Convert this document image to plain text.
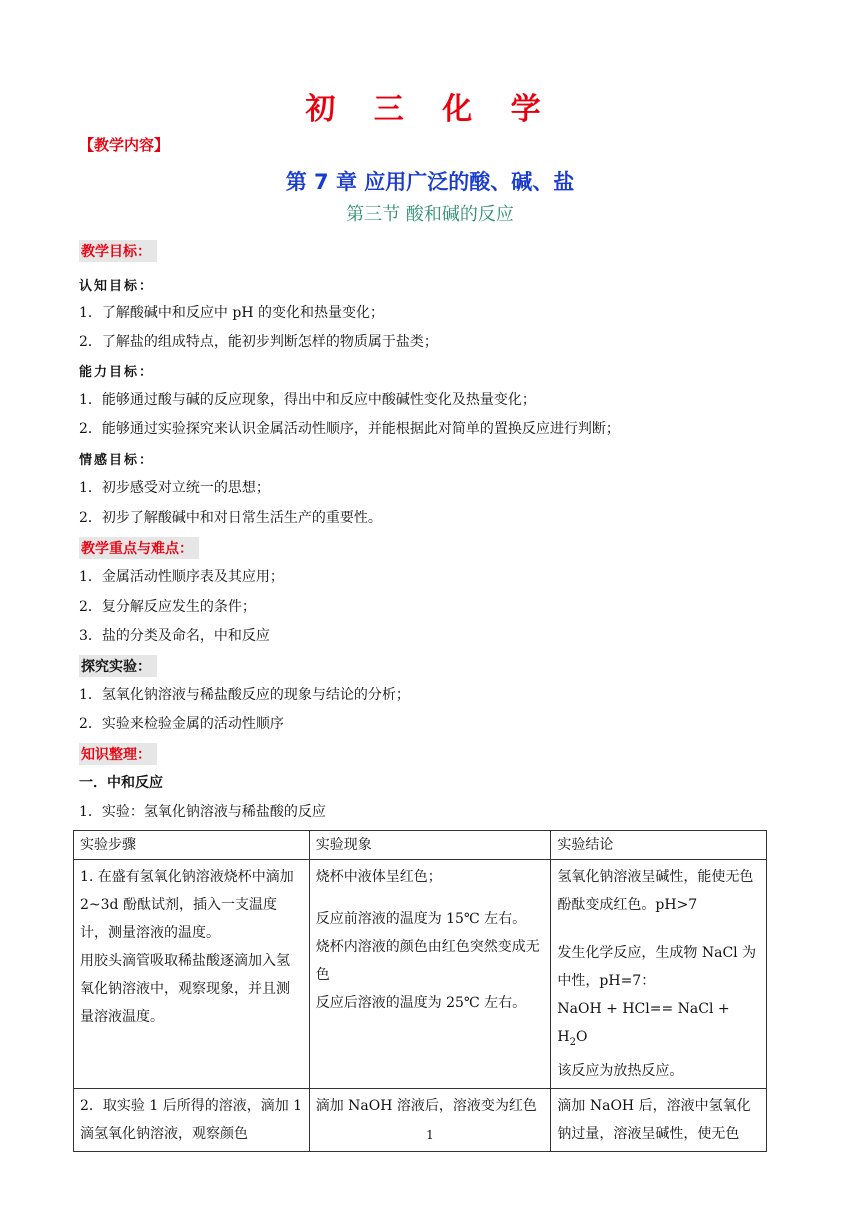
初 三 化 学
【教学内容】
第 7 章 应用广泛的酸、碱、盐
第三节 酸和碱的反应
教学目标：
认知目标：
1．了解酸碱中和反应中 pH 的变化和热量变化；
2．了解盐的组成特点，能初步判断怎样的物质属于盐类；
能力目标：
1．能够通过酸与碱的反应现象，得出中和反应中酸碱性变化及热量变化；
2．能够通过实验探究来认识金属活动性顺序，并能根据此对简单的置换反应进行判断；
情感目标：
1．初步感受对立统一的思想；
2．初步了解酸碱中和对日常生活生产的重要性。
教学重点与难点：
1．金属活动性顺序表及其应用；
2．复分解反应发生的条件；
3．盐的分类及命名，中和反应
探究实验：
1．氢氧化钠溶液与稀盐酸反应的现象与结论的分析；
2．实验来检验金属的活动性顺序
知识整理：
一．中和反应
1．实验：氢氧化钠溶液与稀盐酸的反应
实验步骤	实验现象	实验结论

1. 在盛有氢氧化钠溶液烧杯中滴加 2~3d 酚酞试剂，插入一支温度计，测量溶液的温度。
用胶头滴管吸取稀盐酸逐滴加入氢氧化钠溶液中，观察现象，并且测量溶液温度。	烧杯中液体呈红色；
反应前溶液的温度为 15℃ 左右。
烧杯内溶液的颜色由红色突然变成无色
反应后溶液的温度为 25℃ 左右。	氢氧化钠溶液呈碱性，能使无色酚酞变成红色。pH>7
发生化学反应，生成物 NaCl 为中性，pH=7：
NaOH + HCl== NaCl + $H_2O$
该反应为放热反应。

2．取实验 1 后所得的溶液，滴加 1 滴氢氧化钠溶液，观察颜色	滴加 NaOH 溶液后，溶液变为红色	滴加 NaOH 后，溶液中氢氧化钠过量，溶液呈碱性，使无色
1
